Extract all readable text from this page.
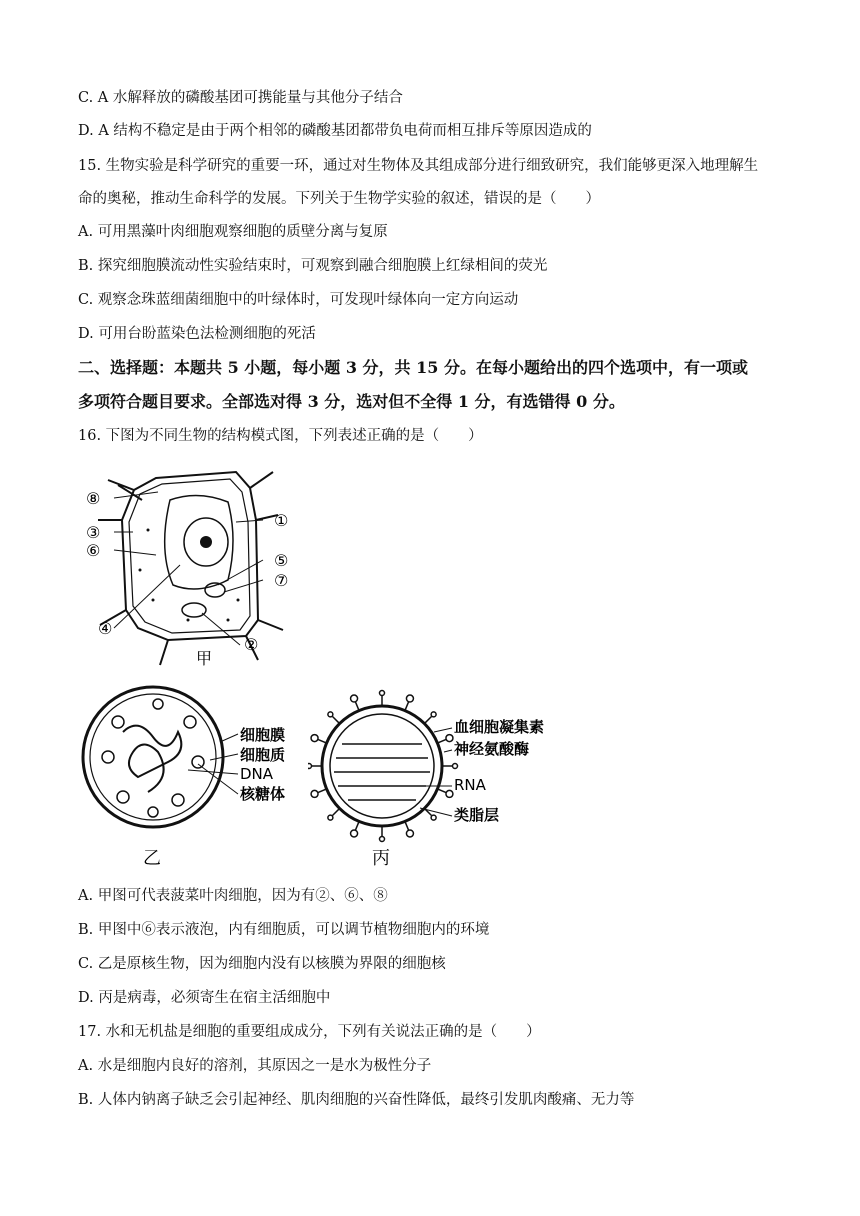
C. A 水解释放的磷酸基团可携能量与其他分子结合
D. A 结构不稳定是由于两个相邻的磷酸基团都带负电荷而相互排斥等原因造成的
15. 生物实验是科学研究的重要一环，通过对生物体及其组成部分进行细致研究，我们能够更深入地理解生
命的奥秘，推动生命科学的发展。下列关于生物学实验的叙述，错误的是（　　）
A. 可用黑藻叶肉细胞观察细胞的质壁分离与复原
B. 探究细胞膜流动性实验结束时，可观察到融合细胞膜上红绿相间的荧光
C. 观察念珠蓝细菌细胞中的叶绿体时，可发现叶绿体向一定方向运动
D. 可用台盼蓝染色法检测细胞的死活
二、选择题：本题共 5 小题，每小题 3 分，共 15 分。在每小题给出的四个选项中，有一项或
多项符合题目要求。全部选对得 3 分，选对但不全得 1 分，有选错得 0 分。
16. 下图为不同生物的结构模式图，下列表述正确的是（　　）
⑧
③
⑥
④
①
⑤
⑦
②
甲
细胞膜
细胞质
DNA
核糖体
乙
血细胞凝集素
神经氨酸酶
RNA
类脂层
丙
A. 甲图可代表菠菜叶肉细胞，因为有②、⑥、⑧
B. 甲图中⑥表示液泡，内有细胞质，可以调节植物细胞内的环境
C. 乙是原核生物，因为细胞内没有以核膜为界限的细胞核
D. 丙是病毒，必须寄生在宿主活细胞中
17. 水和无机盐是细胞的重要组成成分，下列有关说法正确的是（　　）
A. 水是细胞内良好的溶剂，其原因之一是水为极性分子
B. 人体内钠离子缺乏会引起神经、肌肉细胞的兴奋性降低，最终引发肌肉酸痛、无力等
